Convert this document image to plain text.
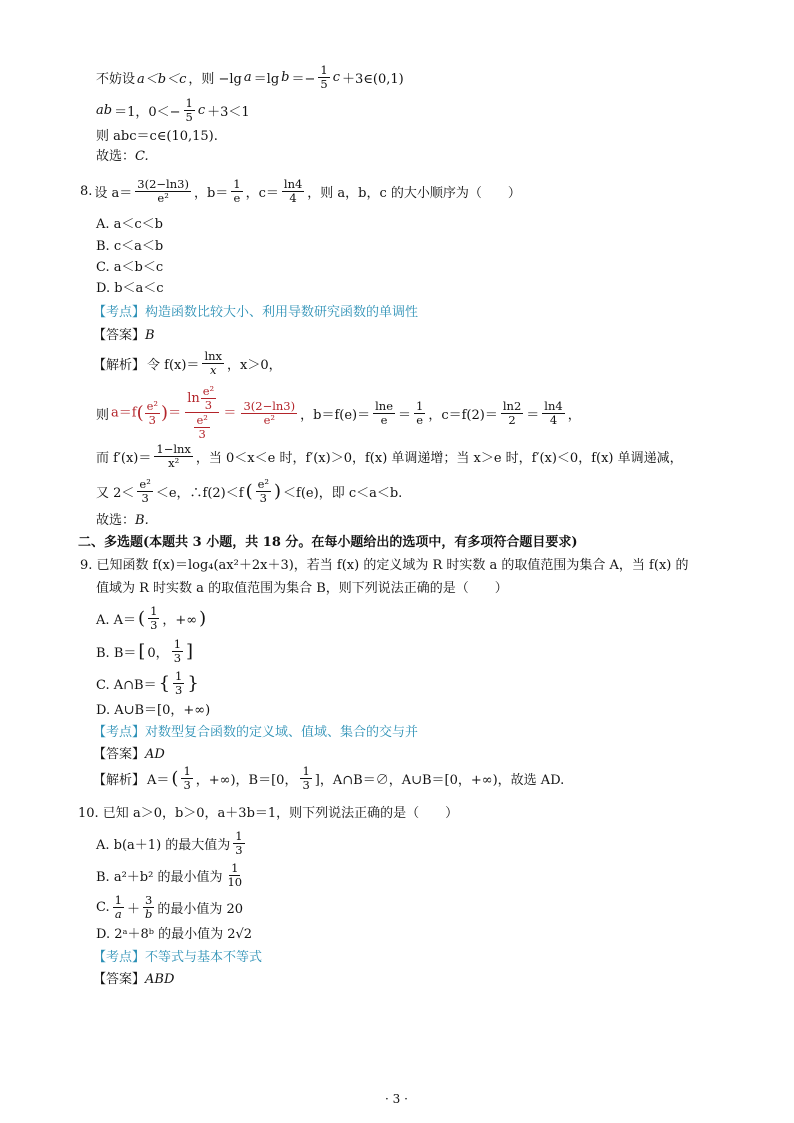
不妨设 a＜b＜c ，则 −lg a ＝lg $b =- \frac{1}{5}$ c ＋3∈(0,1)
ab ＝1，$0<- \frac{1}{5}$ c ＋3＜1
则 abc＝c∈(10,15).
故选：C.
8. 设 a＝
3(2−ln3)
e² ，b＝
1
e ，c＝
ln4
4 ，则 a，b，c 的大小顺序为（　　）
A. a＜c＜b
B. c＜a＜b
C. a＜b＜c
D. b＜a＜c
【考点】构造函数比较大小、利用导数研究函数的单调性
【答案】B
【解析】 令 f(x)＝
lnx
x ，x＞0，
则 $a=f( \frac{\text{e²}}{3}$ )＝ ln e²
3
e²
$3 = \frac{3(2-\ln 3)}{\text{e²}}$ ，b＝f(e)＝
lne
e ＝
1
e ，c＝f(2)＝
ln2
2 ＝
ln4
4 ，
而 f′(x)＝
1−lnx
x² ，当 0＜x＜e 时，f′(x)＞0，f(x) 单调递增；当 x＞e 时，f′(x)＜0，f(x) 单调递减，
又 2＜
e²
3 ＜e，∴f(2)＜f ( e²
3 ) ＜f(e)，即 c＜a＜b.
故选：B.
二、多选题(本题共 3 小题，共 18 分。在每小题给出的选项中，有多项符合题目要求)
9. 已知函数 f(x)＝log₄(ax²＋2x＋3)，若当 f(x) 的定义域为 R 时实数 a 的取值范围为集合 A，当 f(x) 的
值域为 R 时实数 a 的取值范围为集合 B，则下列说法正确的是（　　）
A. A＝ ( 1
3 ，+∞ )
B. B＝ [ 0，
1
3 ]
C. A∩B＝ { 1
3 }
D. A∪B＝[0，+∞)
【考点】对数型复合函数的定义域、值域、集合的交与并
【答案】AD
【解析】 A＝ ( 1
3 ，+∞)，B＝[0，
1
3 ]，A∩B＝∅，A∪B＝[0，+∞)，故选 AD.
10. 已知 a＞0，b＞0，a＋3b＝1，则下列说法正确的是（　　）
A. b(a＋1) 的最大值为
1
3
B. a²＋b² 的最小值为
1
10
C. 1
a ＋
3
b 的最小值为 20
D. 2ᵃ＋8ᵇ 的最小值为 2√2
【考点】不等式与基本不等式
【答案】ABD
· 3 ·
